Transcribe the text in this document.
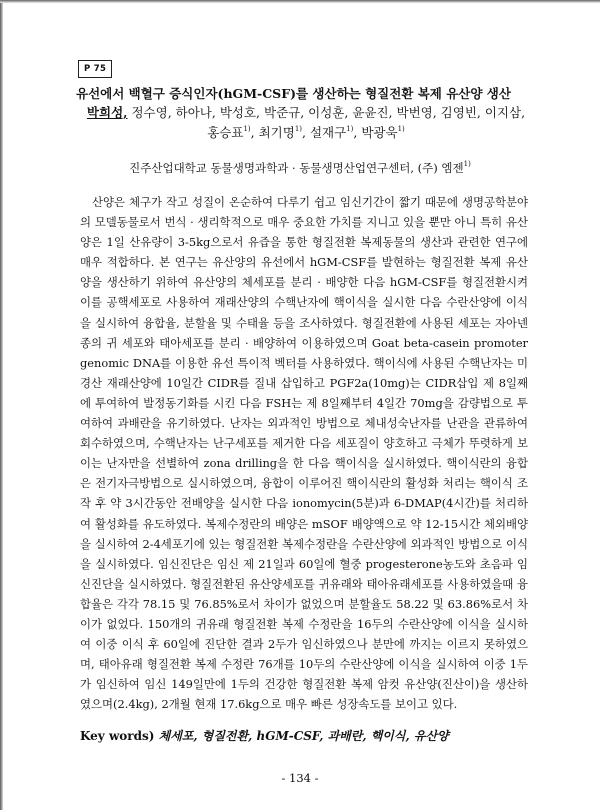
P 75
유선에서 백혈구 증식인자(hGM-CSF)를 생산하는 형질전환 복제 유산양 생산
박희성, 정수영, 하아나, 박성호, 박준규, 이성훈, 윤윤진, 박번영, 김영빈, 이지삼,
홍승표$^{1)}$, 최기명$^{1)}$, 설재구$^{1)}$, 박광욱$^{1)}$
진주산업대학교 동물생명과학과 · 동물생명산업연구센터, (주) 엠젠$^{1)}$

산양은 체구가 작고 성질이 온순하여 다루기 쉽고 임신기간이 짧기 때문에 생명공학분야의 모델동물로서 번식 · 생리학적으로 매우 중요한 가치를 지니고 있을 뿐만 아니 특히 유산양은 1일 산유량이 3-5kg으로서 유즙을 통한 형질전환 복제동물의 생산과 관련한 연구에 매우 적합하다. 본 연구는 유산양의 유선에서 hGM-CSF를 발현하는 형질전환 복제 유산양을 생산하기 위하여 유산양의 체세포를 분리 · 배양한 다음 hGM-CSF를 형질전환시켜 이를 공핵세포로 사용하여 재래산양의 수핵난자에 핵이식을 실시한 다음 수란산양에 이식을 실시하여 융합율, 분할율 및 수태율 등을 조사하였다. 형질전환에 사용된 세포는 자아넨종의 귀 세포와 태아세포를 분리 · 배양하여 이용하였으며 Goat beta-casein promoter genomic DNA를 이용한 유선 특이적 벡터를 사용하였다. 핵이식에 사용된 수핵난자는 미경산 재래산양에 10일간 CIDR를 질내 삽입하고 PGF2a(10mg)는 CIDR삽입 제 8일째에 투여하여 발정동기화를 시킨 다음 FSH는 제 8일째부터 4일간 70mg을 감량법으로 투여하여 과배란을 유기하였다. 난자는 외과적인 방법으로 체내성숙난자를 난관을 관류하여 회수하였으며, 수핵난자는 난구세포를 제거한 다음 세포질이 양호하고 극체가 뚜렷하게 보이는 난자만을 선별하여 zona drilling을 한 다음 핵이식을 실시하였다. 핵이식란의 융합은 전기자극방법으로 실시하였으며, 융합이 이루어진 핵이식란의 활성화 처리는 핵이식 조작 후 약 3시간동안 전배양을 실시한 다음 ionomycin(5분)과 6-DMAP(4시간)를 처리하여 활성화를 유도하였다. 복제수정란의 배양은 mSOF 배양액으로 약 12-15시간 체외배양을 실시하여 2-4세포기에 있는 형질전환 복제수정란을 수란산양에 외과적인 방법으로 이식을 실시하였다. 임신진단은 임신 제 21일과 60일에 혈중 progesterone농도와 초음파 임신진단을 실시하였다. 형질전환된 유산양세포를 귀유래와 태아유래세포를 사용하였을때 융합율은 각각 78.15 및 76.85%로서 차이가 없었으며 분할율도 58.22 및 63.86%로서 차이가 없었다. 150개의 귀유래 형질전환 복제 수정란을 16두의 수란산양에 이식을 실시하여 이중 이식 후 60일에 진단한 결과 2두가 임신하였으나 분만에 까지는 이르지 못하였으며, 태아유래 형질전환 복제 수정란 76개를 10두의 수란산양에 이식을 실시하여 이중 1두가 임신하여 임신 149일만에 1두의 건강한 형질전환 복제 암컷 유산양(진산이)을 생산하였으며(2.4kg), 2개월 현재 17.6kg으로 매우 빠른 성장속도를 보이고 있다.

Key words) 체세포, 형질전환, hGM-CSF, 과배란, 핵이식, 유산양
- 134 -
